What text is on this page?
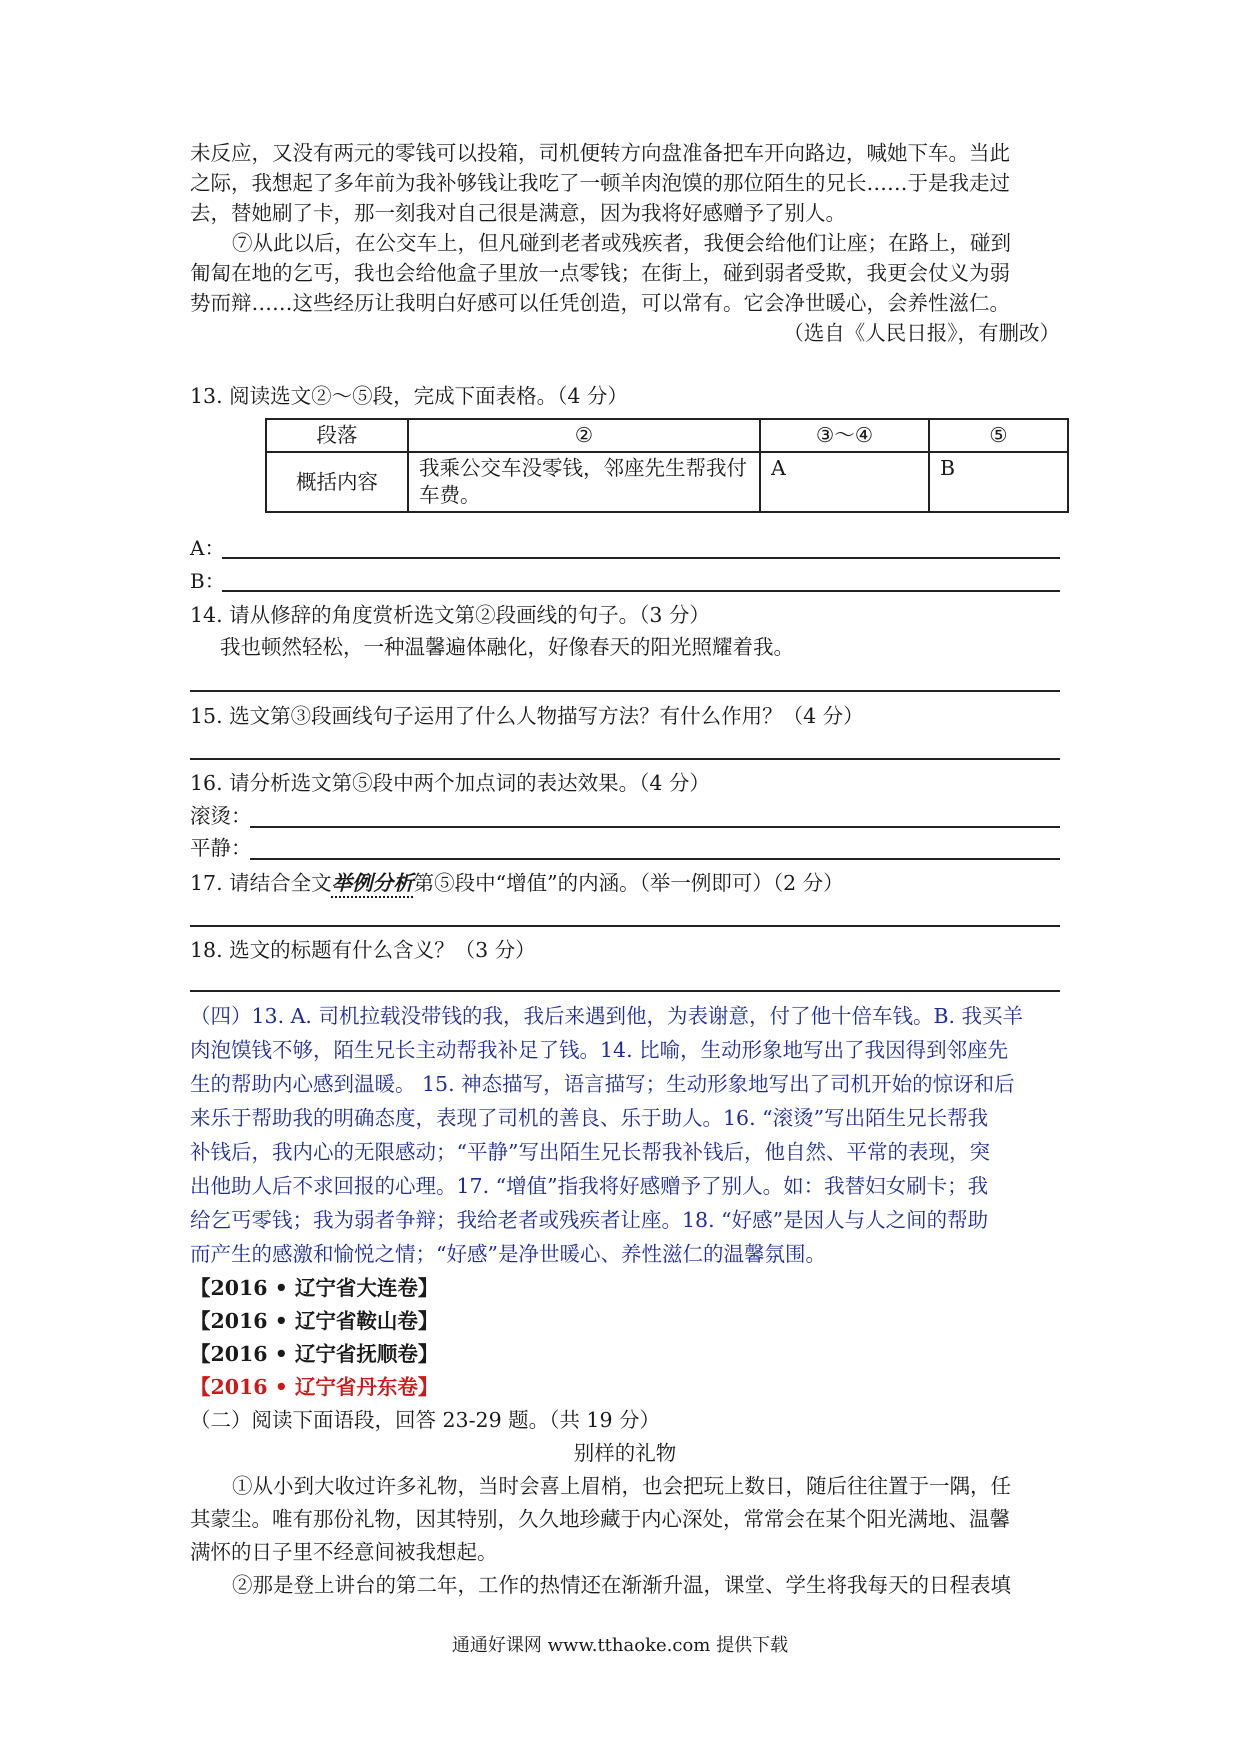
未反应，又没有两元的零钱可以投箱，司机便转方向盘准备把车开向路边，喊她下车。当此
之际，我想起了多年前为我补够钱让我吃了一顿羊肉泡馍的那位陌生的兄长……于是我走过
去，替她刷了卡，那一刻我对自己很是满意，因为我将好感赠予了别人。
⑦从此以后，在公交车上，但凡碰到老者或残疾者，我便会给他们让座；在路上，碰到
匍匐在地的乞丐，我也会给他盒子里放一点零钱；在街上，碰到弱者受欺，我更会仗义为弱
势而辩……这些经历让我明白好感可以任凭创造，可以常有。它会净世暖心，会养性滋仁。
（选自《人民日报》，有删改）
13. 阅读选文②～⑤段，完成下面表格。（4 分）
段落	②	③～④	⑤
概括内容	我乘公交车没零钱，邻座先生帮我付车费。	A	B
A：
B：
14. 请从修辞的角度赏析选文第②段画线的句子。（3 分）
我也顿然轻松，一种温馨遍体融化，好像春天的阳光照耀着我。
15. 选文第③段画线句子运用了什么人物描写方法？有什么作用？（4 分）
16. 请分析选文第⑤段中两个加点词的表达效果。（4 分）
滚烫：
平静：
17. 请结合全文举例分析第⑤段中“增值”的内涵。（举一例即可）（2 分）
18. 选文的标题有什么含义？（3 分）
（四）13. A. 司机拉载没带钱的我，我后来遇到他，为表谢意，付了他十倍车钱。B. 我买羊
肉泡馍钱不够，陌生兄长主动帮我补足了钱。14. 比喻，生动形象地写出了我因得到邻座先
生的帮助内心感到温暖。 15. 神态描写，语言描写；生动形象地写出了司机开始的惊讶和后
来乐于帮助我的明确态度，表现了司机的善良、乐于助人。16. “滚烫”写出陌生兄长帮我
补钱后，我内心的无限感动；“平静”写出陌生兄长帮我补钱后，他自然、平常的表现，突
出他助人后不求回报的心理。17. “增值”指我将好感赠予了别人。如：我替妇女刷卡；我
给乞丐零钱；我为弱者争辩；我给老者或残疾者让座。18. “好感”是因人与人之间的帮助
而产生的感激和愉悦之情；“好感”是净世暖心、养性滋仁的温馨氛围。
【2016 • 辽宁省大连卷】
【2016 • 辽宁省鞍山卷】
【2016 • 辽宁省抚顺卷】
【2016 • 辽宁省丹东卷】
（二）阅读下面语段，回答 23-29 题。（共 19 分）
别样的礼物
①从小到大收过许多礼物，当时会喜上眉梢，也会把玩上数日，随后往往置于一隅，任
其蒙尘。唯有那份礼物，因其特别，久久地珍藏于内心深处，常常会在某个阳光满地、温馨
满怀的日子里不经意间被我想起。
②那是登上讲台的第二年，工作的热情还在渐渐升温，课堂、学生将我每天的日程表填
通通好课网 www.tthaoke.com 提供下载
